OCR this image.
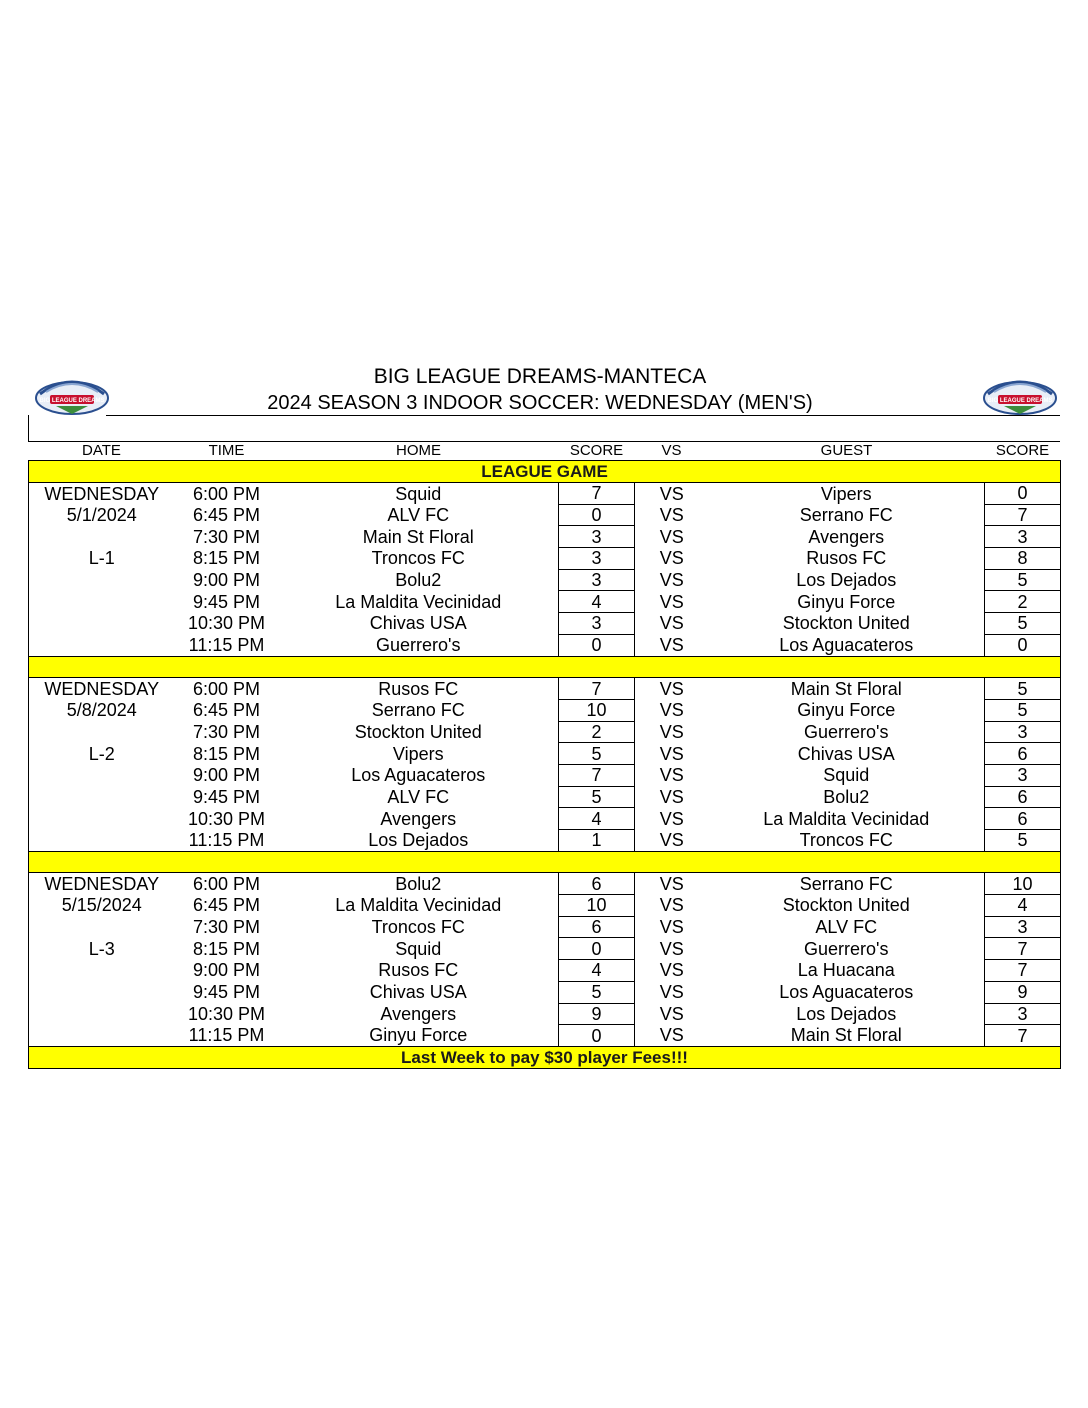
BIG LEAGUE DREAMS	BIG LEAGUE DREAMS
BIG LEAGUE DREAMS-MANTECA
2024 SEASON 3 INDOOR SOCCER: WEDNESDAY (MEN'S)
DATE	TIME	HOME	SCORE	VS	GUEST	SCORE
LEAGUE GAME						
WEDNESDAY	6:00 PM	Squid	7	VS	Vipers	0
5/1/2024	6:45 PM	ALV FC	0	VS	Serrano FC	7
	7:30 PM	Main St Floral	3	VS	Avengers	3
L-1	8:15 PM	Troncos FC	3	VS	Rusos FC	8
	9:00 PM	Bolu2	3	VS	Los Dejados	5
	9:45 PM	La Maldita Vecinidad	4	VS	Ginyu Force	2
	10:30 PM	Chivas USA	3	VS	Stockton United	5
	11:15 PM	Guerrero's	0	VS	Los Aguacateros	0

WEDNESDAY	6:00 PM	Rusos FC	7	VS	Main St Floral	5
5/8/2024	6:45 PM	Serrano FC	10	VS	Ginyu Force	5
	7:30 PM	Stockton United	2	VS	Guerrero's	3
L-2	8:15 PM	Vipers	5	VS	Chivas USA	6
	9:00 PM	Los Aguacateros	7	VS	Squid	3
	9:45 PM	ALV FC	5	VS	Bolu2	6
	10:30 PM	Avengers	4	VS	La Maldita Vecinidad	6
	11:15 PM	Los Dejados	1	VS	Troncos FC	5

WEDNESDAY	6:00 PM	Bolu2	6	VS	Serrano FC	10
5/15/2024	6:45 PM	La Maldita Vecinidad	10	VS	Stockton United	4
	7:30 PM	Troncos FC	6	VS	ALV FC	3
L-3	8:15 PM	Squid	0	VS	Guerrero's	7
	9:00 PM	Rusos FC	4	VS	La Huacana	7
	9:45 PM	Chivas USA	5	VS	Los Aguacateros	9
	10:30 PM	Avengers	9	VS	Los Dejados	3
	11:15 PM	Ginyu Force	0	VS	Main St Floral	7
Last Week to pay $30 player Fees!!!						
